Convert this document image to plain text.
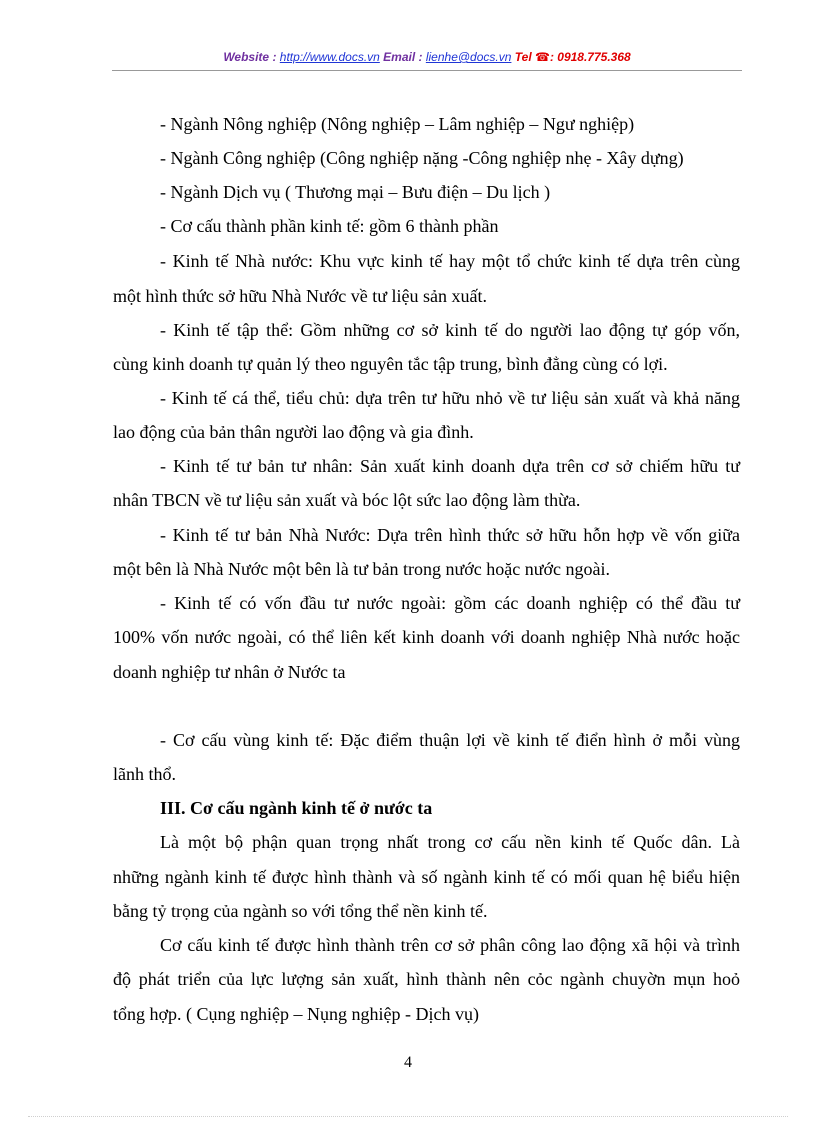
Website : http://www.docs.vn Email : lienhe@docs.vn Tel ☎: 0918.775.368
- Ngành Nông nghiệp (Nông nghiệp – Lâm nghiệp – Ngư nghiệp)
- Ngành Công nghiệp (Công nghiệp nặng -Công nghiệp nhẹ - Xây dựng)
- Ngành Dịch vụ ( Thương mại – Bưu điện – Du lịch )
- Cơ cấu thành phần kinh tế: gồm 6 thành phần
- Kinh tế Nhà nước: Khu vực kinh tế hay một tổ chức kinh tế dựa trên cùng
một hình thức sở hữu Nhà Nước về tư liệu sản xuất.
- Kinh tế tập thể: Gồm những cơ sở kinh tế do người lao động tự góp vốn,
cùng kinh doanh tự quản lý theo nguyên tắc tập trung, bình đẳng cùng có lợi.
- Kinh tế cá thể, tiểu chủ: dựa trên tư hữu nhỏ về tư liệu sản xuất và khả năng
lao động của bản thân người lao động và gia đình.
- Kinh tế tư bản tư nhân: Sản xuất kinh doanh dựa trên cơ sở chiếm hữu tư
nhân TBCN về tư liệu sản xuất và bóc lột sức lao động làm thừa.
- Kinh tế tư bản Nhà Nước: Dựa trên hình thức sở hữu hỗn hợp về vốn giữa
một bên là Nhà Nước một bên là tư bản trong nước hoặc nước ngoài.
- Kinh tế có vốn đầu tư nước ngoài: gồm các doanh nghiệp có thể đầu tư
100% vốn nước ngoài, có thể liên kết kinh doanh với doanh nghiệp Nhà nước hoặc
doanh nghiệp tư nhân ở Nước ta
- Cơ cấu vùng kinh tế: Đặc điểm thuận lợi về kinh tế điển hình ở mỗi vùng
lãnh thổ.
III. Cơ cấu ngành kinh tế ở nước ta
Là một bộ phận quan trọng nhất trong cơ cấu nền kinh tế Quốc dân. Là
những ngành kinh tế được hình thành và số ngành kinh tế có mối quan hệ biểu hiện
bằng tỷ trọng của ngành so với tổng thể nền kinh tế.
Cơ cấu kinh tế được hình thành trên cơ sở phân công lao động xã hội và trình
độ phát triển của lực lượng sản xuất, hình thành nên cỏc ngành chuyờn mụn hoỏ
tổng hợp. ( Cụng nghiệp – Nụng nghiệp - Dịch vụ)
4
